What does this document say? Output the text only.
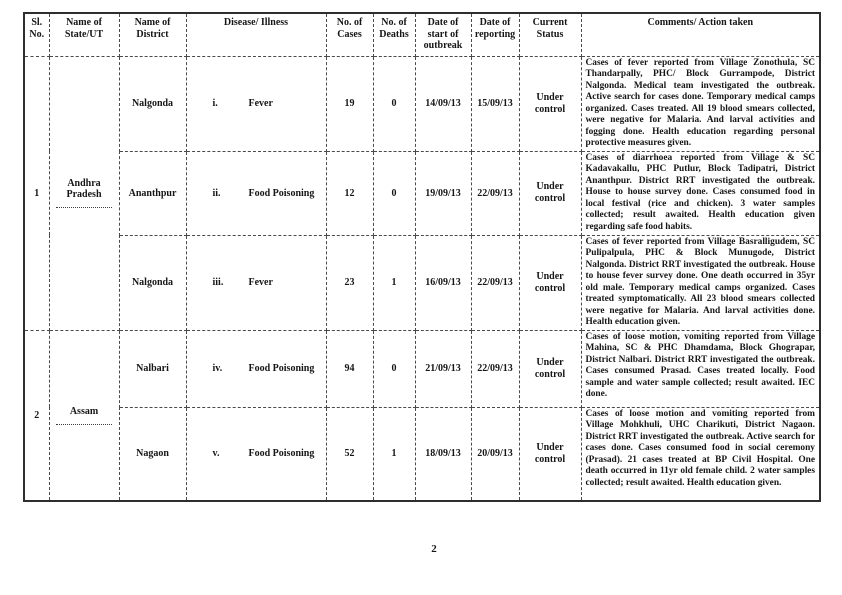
Sl. No.	Name of State/UT	Name of District	Disease/ Illness	No. of Cases	No. of Deaths	Date of start of outbreak	Date of reporting	Current Status	Comments/ Action taken
1	Andhra Pradesh	Nalgonda	i. Fever	19	0	14/09/13	15/09/13	Under control	Cases of fever reported from Village Zonothula, SC Thandarpally, PHC/ Block Gurrampode, District Nalgonda. Medical team investigated the outbreak. Active search for cases done. Temporary medical camps organized. Cases treated. All 19 blood smears collected, were negative for Malaria. And larval activities and fogging done. Health education regarding personal protective measures given.
		Ananthpur	ii. Food Poisoning	12	0	19/09/13	22/09/13	Under control	Cases of diarrhoea reported from Village & SC Kadavakallu, PHC Putlur, Block Tadipatri, District Ananthpur. District RRT investigated the outbreak. House to house survey done. Cases consumed food in local festival (rice and chicken). 3 water samples collected; result awaited. Health education given regarding safe food habits.
		Nalgonda	iii. Fever	23	1	16/09/13	22/09/13	Under control	Cases of fever reported from Village Basralligudem, SC Pulipalpula, PHC & Block Munugode, District Nalgonda. District RRT investigated the outbreak. House to house fever survey done. One death occurred in 35yr old male. Temporary medical camps organized. Cases treated symptomatically. All 23 blood smears collected were negative for Malaria. And larval activities done. Health education given.
2	Assam	Nalbari	iv. Food Poisoning	94	0	21/09/13	22/09/13	Under control	Cases of loose motion, vomiting reported from Village Mahina, SC & PHC Dhamdama, Block Ghograpar, District Nalbari. District RRT investigated the outbreak. Cases consumed Prasad. Cases treated locally. Food sample and water sample collected; result awaited. IEC done.
		Nagaon	v. Food Poisoning	52	1	18/09/13	20/09/13	Under control	Cases of loose motion and vomiting reported from Village Mohkhuli, UHC Charikuti, District Nagaon. District RRT investigated the outbreak. Active search for cases done. Cases consumed food in social ceremony (Prasad). 21 cases treated at BP Civil Hospital. One death occurred in 11yr old female child. 2 water samples collected; result awaited. Health education given.
2
